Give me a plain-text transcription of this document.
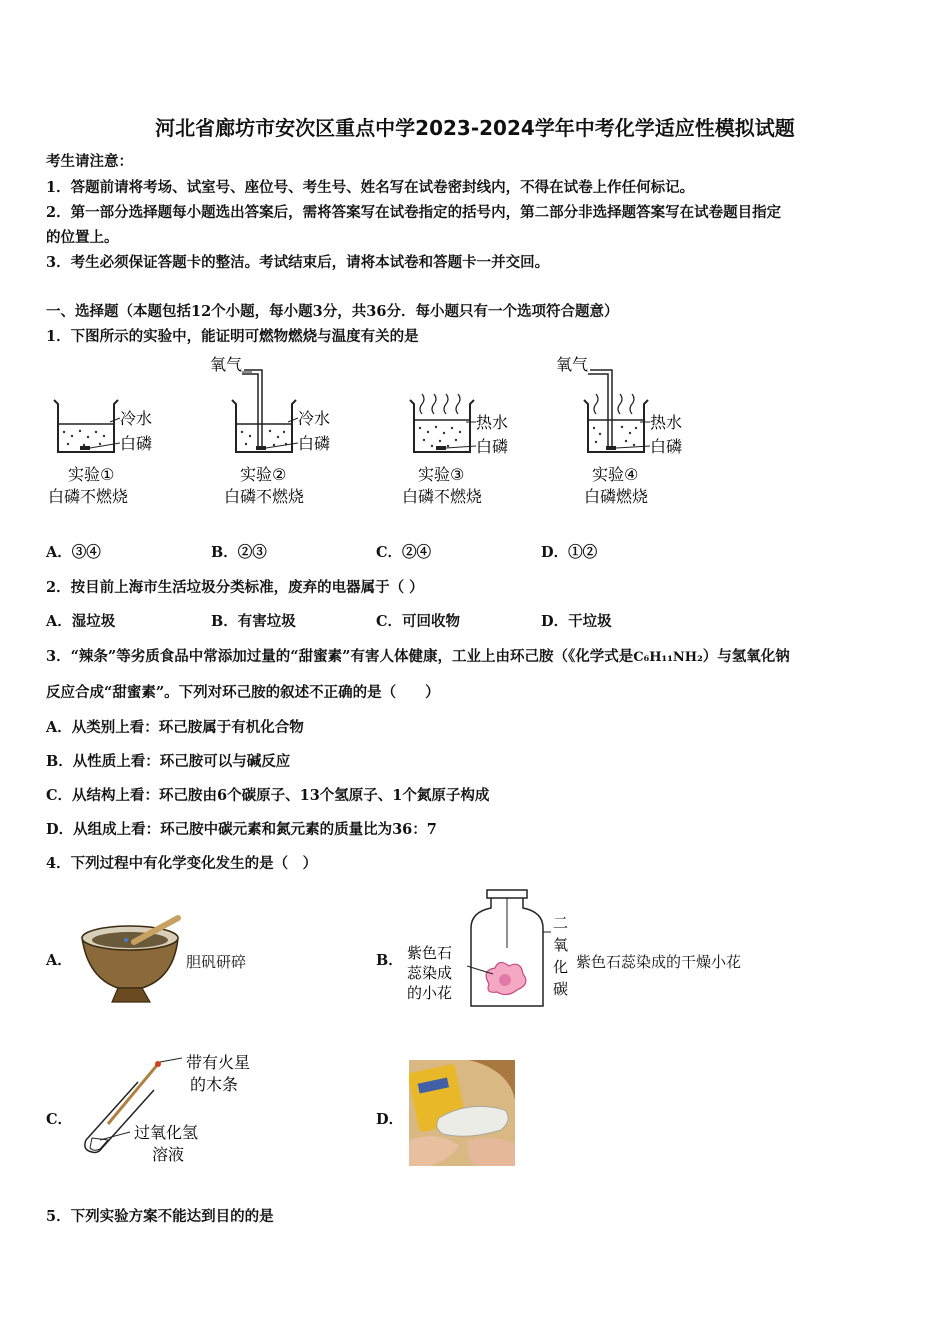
河北省廊坊市安次区重点中学2023-2024学年中考化学适应性模拟试题
考生请注意：
1．答题前请将考场、试室号、座位号、考生号、姓名写在试卷密封线内，不得在试卷上作任何标记。
2．第一部分选择题每小题选出答案后，需将答案写在试卷指定的括号内，第二部分非选择题答案写在试卷题目指定
的位置上。
3．考生必须保证答题卡的整洁。考试结束后，请将本试卷和答题卡一并交回。
一、选择题（本题包括12个小题，每小题3分，共36分．每小题只有一个选项符合题意）
1．下图所示的实验中，能证明可燃物燃烧与温度有关的是
冷水
白磷
实验①
白磷不燃烧
氧气
冷水
白磷
实验②
白磷不燃烧
热水
白磷
实验③
白磷不燃烧
氧气
热水
白磷
实验④
白磷燃烧
A．③④	B．②③	C．②④	D．①②
2．按目前上海市生活垃圾分类标准，废弃的电器属于（ ）
A．湿垃圾	B．有害垃圾	C．可回收物	D．干垃圾
3．“辣条”等劣质食品中常添加过量的“甜蜜素”有害人体健康，工业上由环己胺（《化学式是C₆H₁₁NH₂）与氢氧化钠
反应合成“甜蜜素”。下列对环己胺的叙述不正确的是（　　）
A．从类别上看：环己胺属于有机化合物
B．从性质上看：环己胺可以与碱反应
C．从结构上看：环己胺由6个碳原子、13个氢原子、1个氮原子构成
D．从组成上看：环己胺中碳元素和氮元素的质量比为36：7
4．下列过程中有化学变化发生的是（　）
A．	胆矾研碎	B． 紫色石
蕊染成
的小花
二
氧
化
碳
紫色石蕊染成的干燥小花
C．
带有火星
的木条
过氧化氢
溶液
D．
5．下列实验方案不能达到目的的是
